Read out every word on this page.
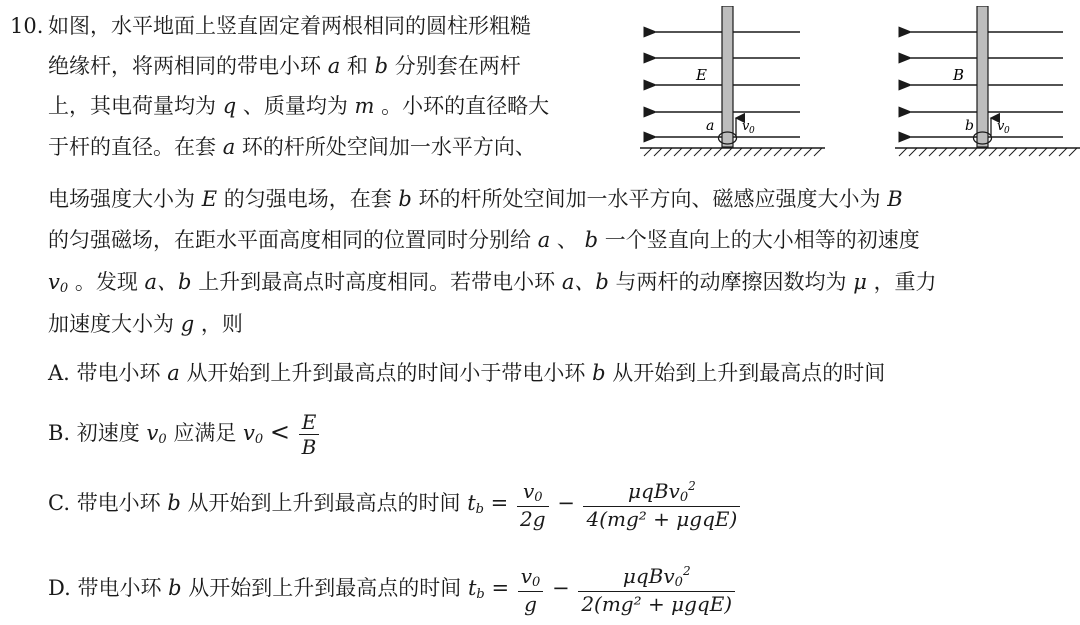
10. 如图，水平地面上竖直固定着两根相同的圆柱形粗糙
绝缘杆，将两相同的带电小环 a 和 b 分别套在两杆
上，其电荷量均为 q 、质量均为 m 。小环的直径略大
于杆的直径。在套 a 环的杆所处空间加一水平方向、
电场强度大小为 E 的匀强电场，在套 b 环的杆所处空间加一水平方向、磁感应强度大小为 B
的匀强磁场，在距水平面高度相同的位置同时分别给 a 、 b 一个竖直向上的大小相等的初速度
$v_0$ 。发现 a、b 上升到最高点时高度相同。若带电小环 a、b 与两杆的动摩擦因数均为 μ ，重力
加速度大小为 g ，则
A. 带电小环 a 从开始到上升到最高点的时间小于带电小环 b 从开始到上升到最高点的时间
B. 初速度 $v_0$ 应满足 $v_0 < \frac{E}{B}$
C. 带电小环 b 从开始到上升到最高点的时间 $t_b = \frac{v_0}{2g} - \frac{\mu qBv_0^2}{\text{4(mg² + μgqE)}}$
D. 带电小环 b 从开始到上升到最高点的时间 $t_b = \frac{v_0}{g} - \frac{\mu qBv_0^2}{\text{2(mg² + μgqE)}}$
E
a v 0
B
b v 0
